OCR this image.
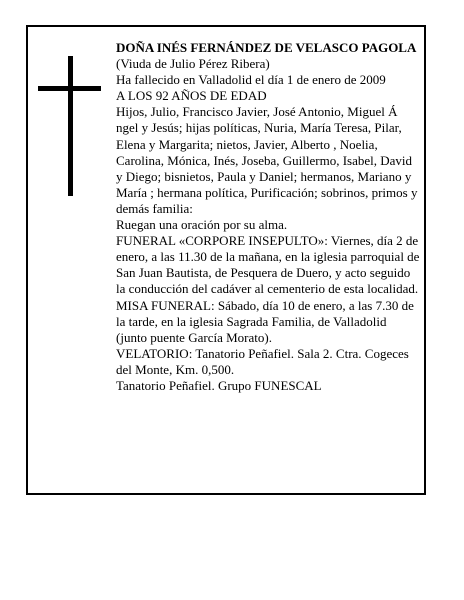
DOÑA INÉS FERNÁNDEZ DE VELASCO PAGOLA

(Viuda de Julio Pérez Ribera)

Ha fallecido en Valladolid el día 1 de enero de 2009

A LOS 92 AÑOS DE EDAD

Hijos, Julio, Francisco Javier, José Antonio, Miguel Á ngel y Jesús; hijas políticas, Nuria, María Teresa, Pilar, Elena y Margarita; nietos, Javier, Alberto , Noelia, Carolina, Mónica, Inés, Joseba, Guillermo, Isabel, David y Diego; bisnietos, Paula y Daniel; hermanos, Mariano y María ; hermana política, Purificación; sobrinos, primos y demás familia:

Ruegan una oración por su alma.

FUNERAL «CORPORE INSEPULTO»: Viernes, día 2 de enero, a las 11.30 de la mañana, en la iglesia parroquial de San Juan Bautista, de Pesquera de Duero, y acto seguido la conducción del cadáver al cementerio de esta localidad.

MISA FUNERAL: Sábado, día 10 de enero, a las 7.30 de la tarde, en la iglesia Sagrada Familia, de Valladolid (junto puente García Morato).

VELATORIO: Tanatorio Peñafiel. Sala 2. Ctra. Cogeces del Monte, Km. 0,500.

Tanatorio Peñafiel. Grupo FUNESCAL
